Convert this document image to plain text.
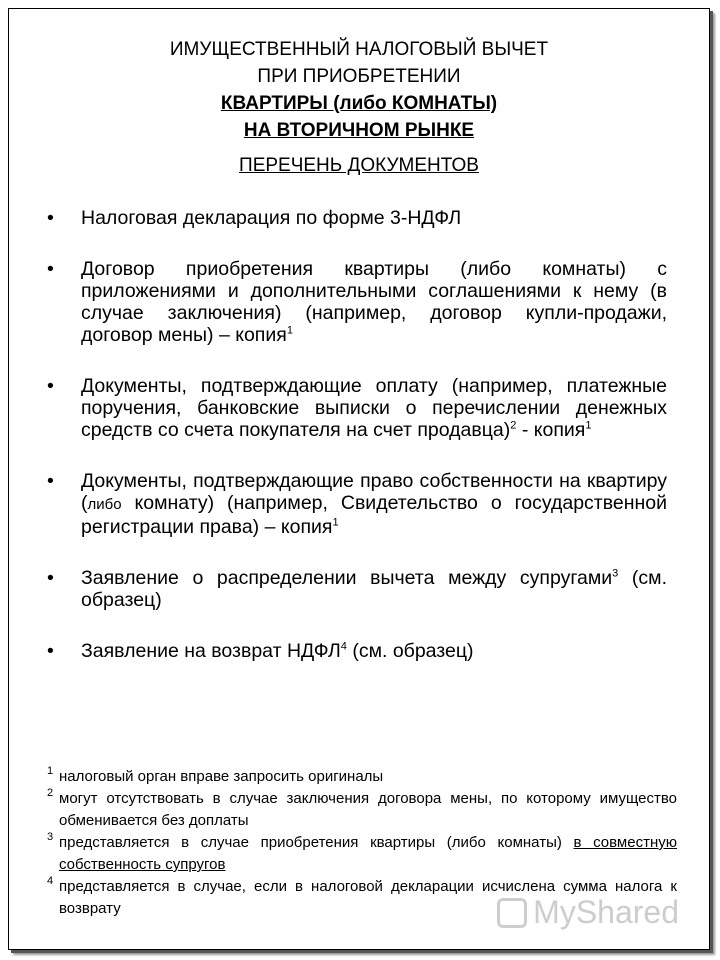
ИМУЩЕСТВЕННЫЙ НАЛОГОВЫЙ ВЫЧЕТ
ПРИ ПРИОБРЕТЕНИИ
КВАРТИРЫ (либо КОМНАТЫ)
НА ВТОРИЧНОМ РЫНКЕ
ПЕРЕЧЕНЬ ДОКУМЕНТОВ
• Налоговая декларация по форме 3-НДФЛ
• Договор приобретения квартиры (либо комнаты) с приложениями и дополнительными соглашениями к нему (в случае заключения) (например, договор купли-продажи, договор мены) – копия$^1$
• Документы, подтверждающие оплату (например, платежные поручения, банковские выписки о перечислении денежных средств со счета покупателя на счет продавца)$^2$ - копия$^1$
• Документы, подтверждающие право собственности на квартиру (либо комнату) (например, Свидетельство о государственной регистрации права) – копия$^1$
• Заявление о распределении вычета между супругами$^3$ (см. образец)
• Заявление на возврат НДФЛ$^4$ (см. образец)
1 налоговый орган вправе запросить оригиналы
2 могут отсутствовать в случае заключения договора мены, по которому имущество обменивается без доплаты
3 представляется в случае приобретения квартиры (либо комнаты) в совместную собственность супругов
4 представляется в случае, если в налоговой декларации исчислена сумма налога к возврату	MyShared
